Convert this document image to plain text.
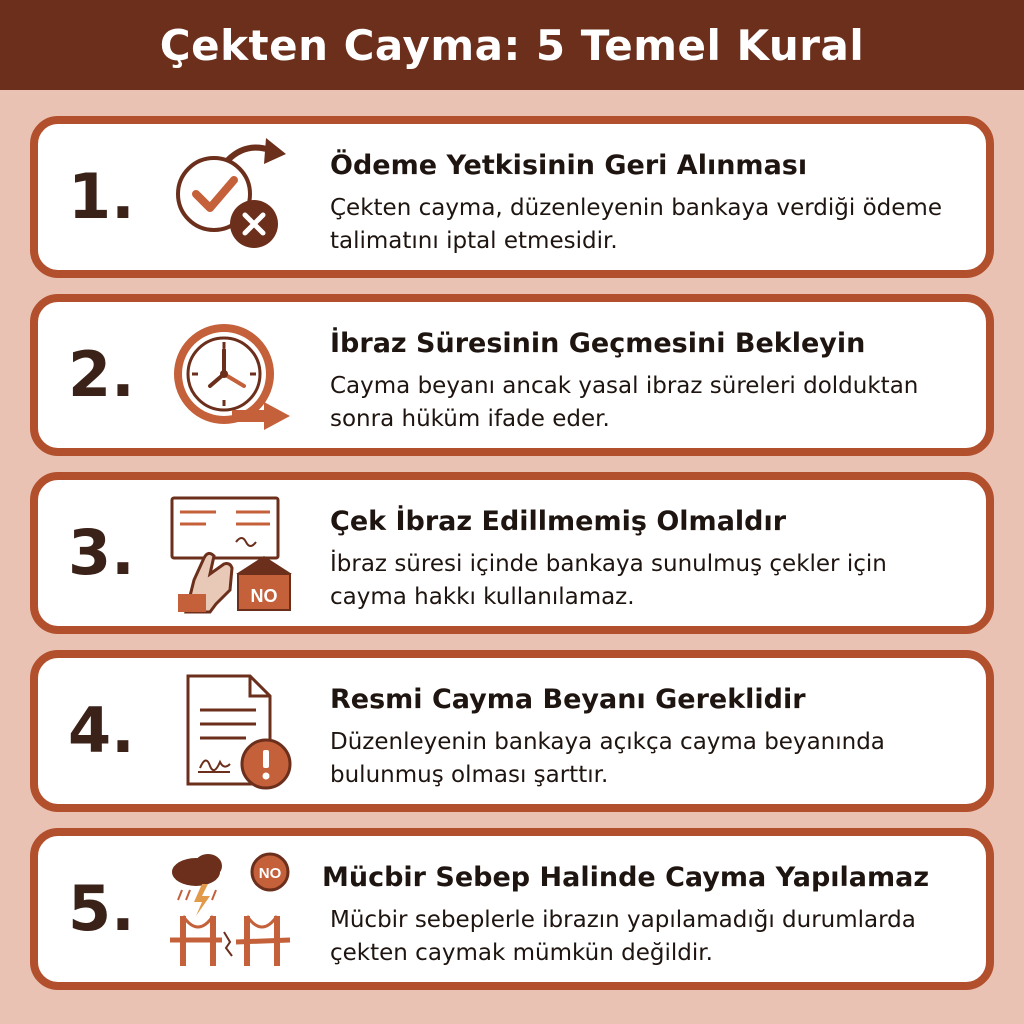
Çekten Cayma: 5 Temel Kural
1.	Ödeme Yetkisinin Geri Alınması
Çekten cayma, düzenleyenin bankaya verdiği ödeme talimatını iptal etmesidir.
2.	İbraz Süresinin Geçmesini Bekleyin
Cayma beyanı ancak yasal ibraz süreleri dolduktan sonra hüküm ifade eder.
3.
NO
Çek İbraz Edillmemiş Olmaldır
İbraz süresi içinde bankaya sunulmuş çekler için cayma hakkı kullanılamaz.
4.	Resmi Cayma Beyanı Gereklidir
Düzenleyenin bankaya açıkça cayma beyanında bulunmuş olması şarttır.
5.	NO Mücbir Sebep Halinde Cayma Yapılamaz
Mücbir sebeplerle ibrazın yapılamadığı durumlarda çekten caymak mümkün değildir.
